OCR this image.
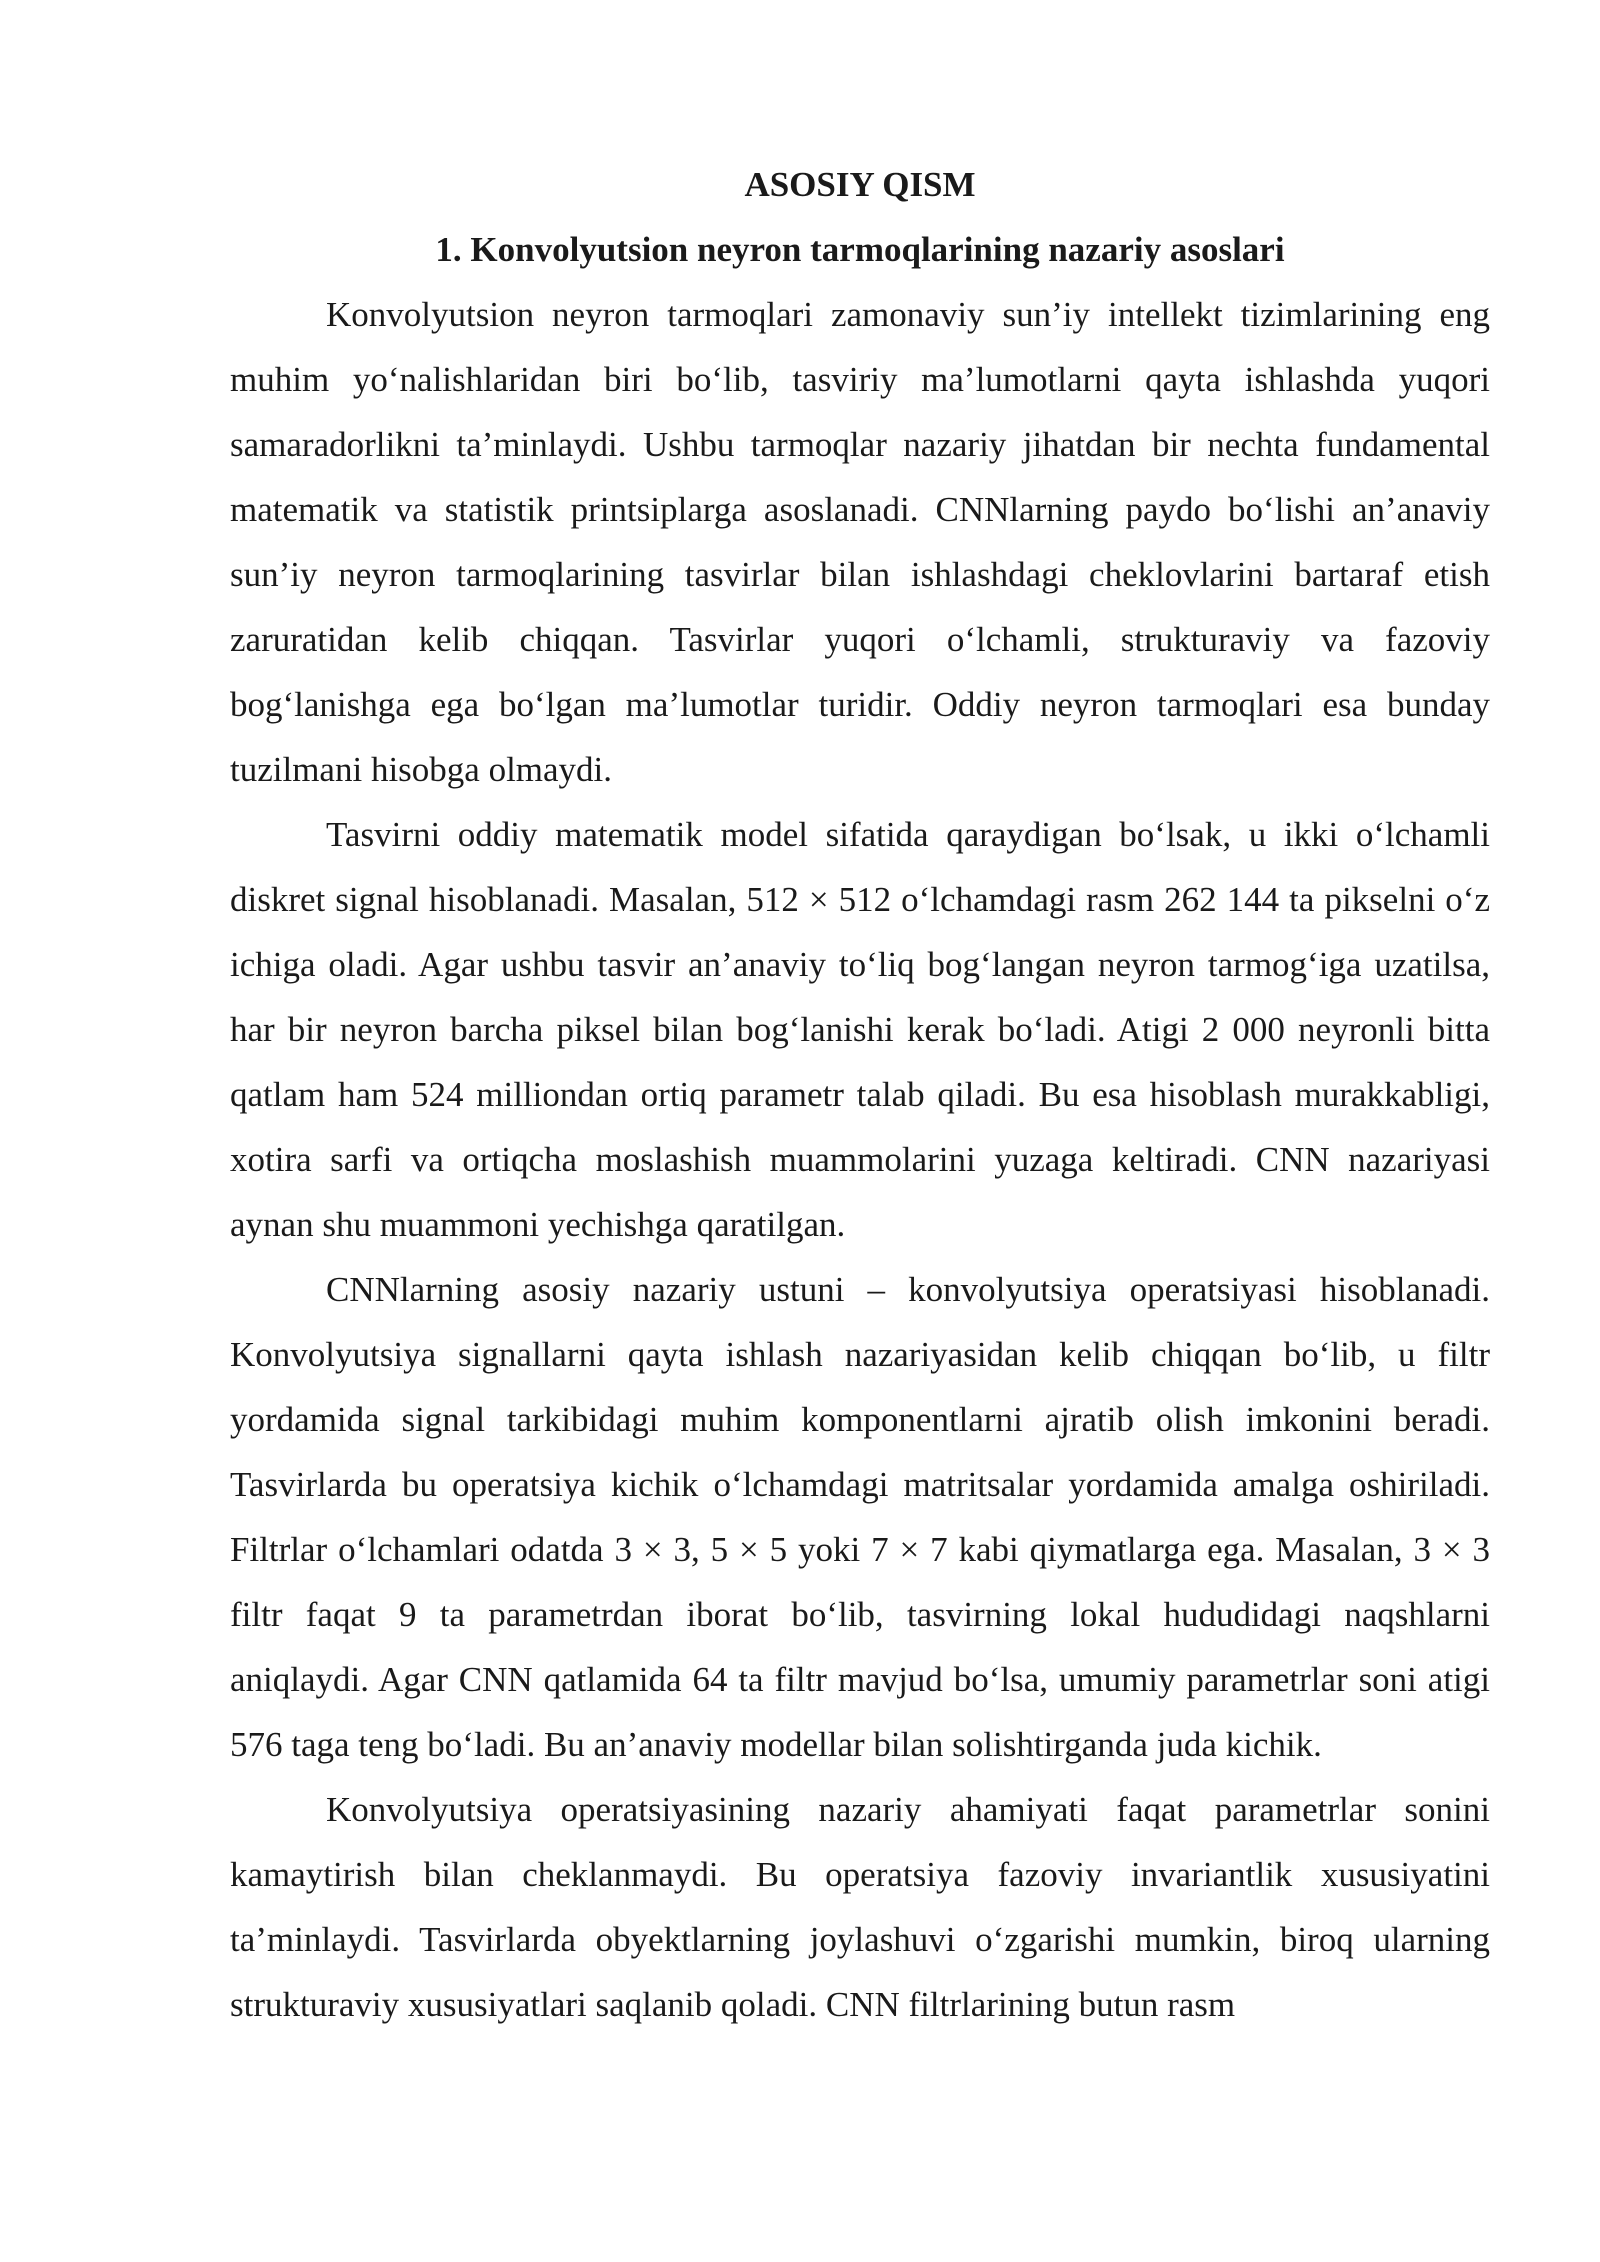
ASOSIY QISM
1. Konvolyutsion neyron tarmoqlarining nazariy asoslari

Konvolyutsion neyron tarmoqlari zamonaviy sun’iy intellekt tizimlarining eng muhim yo‘nalishlaridan biri bo‘lib, tasviriy ma’lumotlarni qayta ishlashda yuqori samaradorlikni ta’minlaydi. Ushbu tarmoqlar nazariy jihatdan bir nechta fundamental matematik va statistik printsiplarga asoslanadi. CNNlarning paydo bo‘lishi an’anaviy sun’iy neyron tarmoqlarining tasvirlar bilan ishlashdagi cheklovlarini bartaraf etish zaruratidan kelib chiqqan. Tasvirlar yuqori o‘lchamli, strukturaviy va fazoviy bog‘lanishga ega bo‘lgan ma’lumotlar turidir. Oddiy neyron tarmoqlari esa bunday tuzilmani hisobga olmaydi.

Tasvirni oddiy matematik model sifatida qaraydigan bo‘lsak, u ikki o‘lchamli diskret signal hisoblanadi. Masalan, 512 × 512 o‘lchamdagi rasm 262 144 ta pikselni o‘z ichiga oladi. Agar ushbu tasvir an’anaviy to‘liq bog‘langan neyron tarmog‘iga uzatilsa, har bir neyron barcha piksel bilan bog‘lanishi kerak bo‘ladi. Atigi 2 000 neyronli bitta qatlam ham 524 milliondan ortiq parametr talab qiladi. Bu esa hisoblash murakkabligi, xotira sarfi va ortiqcha moslashish muammolarini yuzaga keltiradi. CNN nazariyasi aynan shu muammoni yechishga qaratilgan.

CNNlarning asosiy nazariy ustuni – konvolyutsiya operatsiyasi hisoblanadi. Konvolyutsiya signallarni qayta ishlash nazariyasidan kelib chiqqan bo‘lib, u filtr yordamida signal tarkibidagi muhim komponentlarni ajratib olish imkonini beradi. Tasvirlarda bu operatsiya kichik o‘lchamdagi matritsalar yordamida amalga oshiriladi. Filtrlar o‘lchamlari odatda 3 × 3, 5 × 5 yoki 7 × 7 kabi qiymatlarga ega. Masalan, 3 × 3 filtr faqat 9 ta parametrdan iborat bo‘lib, tasvirning lokal hududidagi naqshlarni aniqlaydi. Agar CNN qatlamida 64 ta filtr mavjud bo‘lsa, umumiy parametrlar soni atigi 576 taga teng bo‘ladi. Bu an’anaviy modellar bilan solishtirganda juda kichik.

Konvolyutsiya operatsiyasining nazariy ahamiyati faqat parametrlar sonini kamaytirish bilan cheklanmaydi. Bu operatsiya fazoviy invariantlik xususiyatini ta’minlaydi. Tasvirlarda obyektlarning joylashuvi o‘zgarishi mumkin, biroq ularning strukturaviy xususiyatlari saqlanib qoladi. CNN filtrlarining butun rasm
